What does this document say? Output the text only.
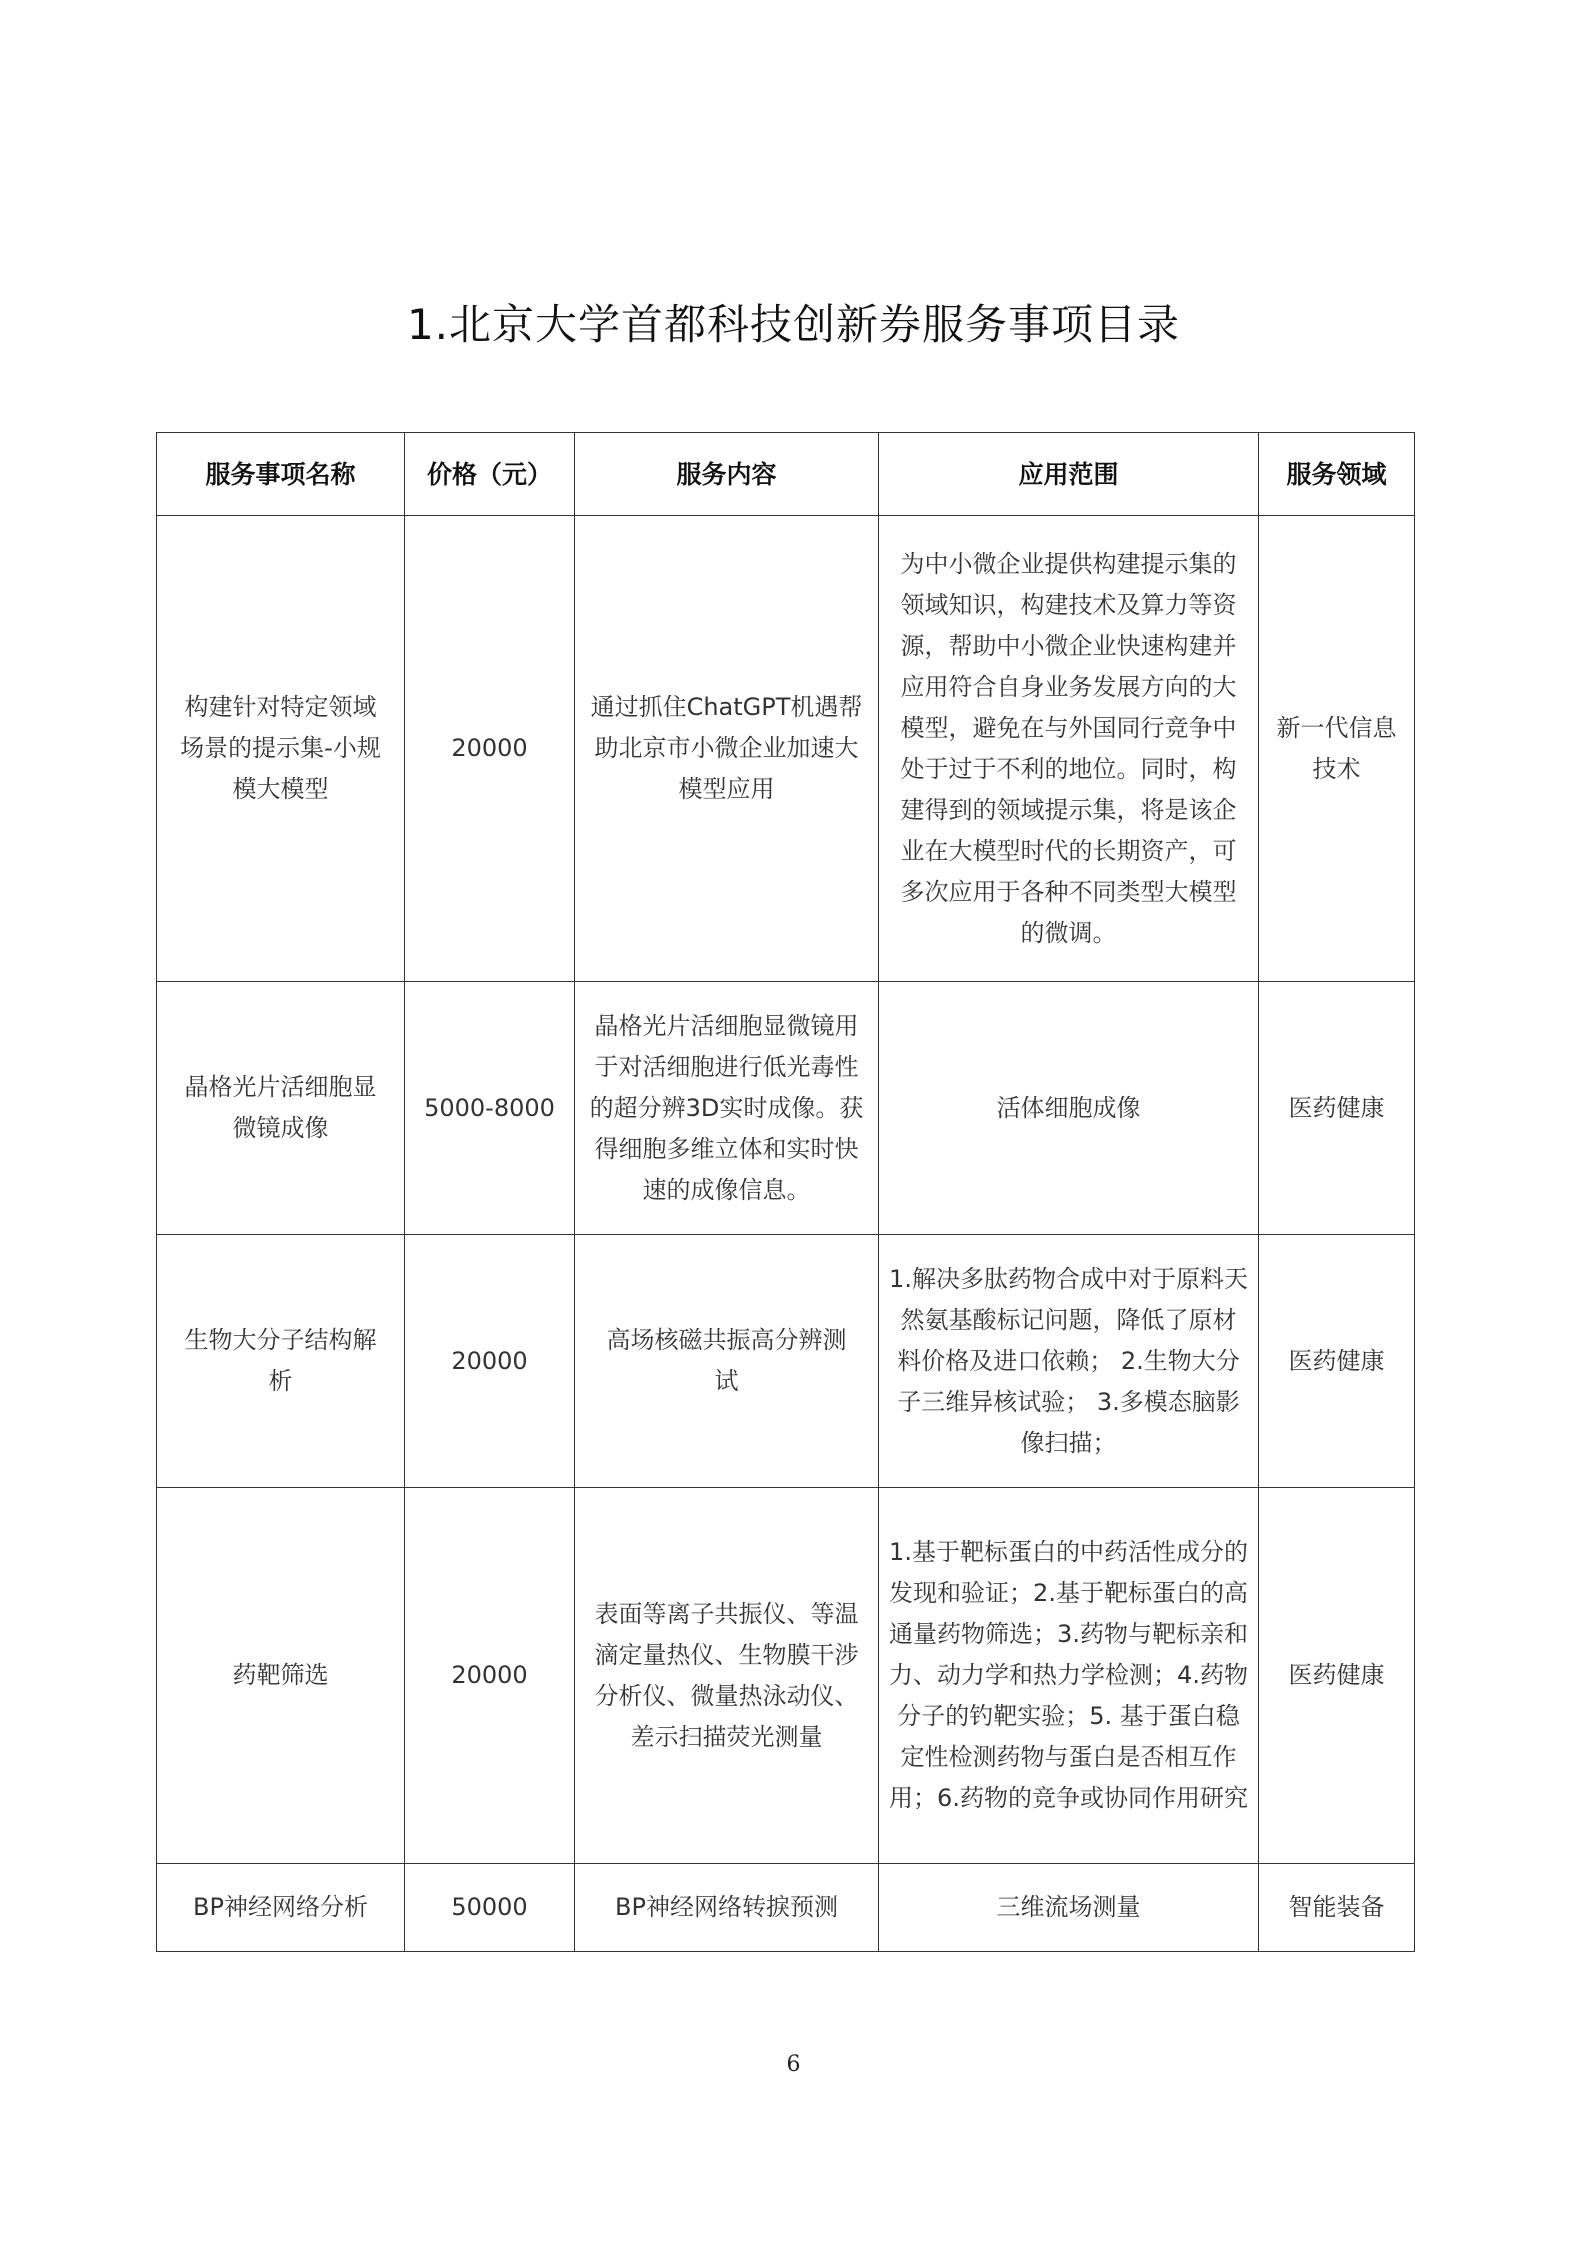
1.北京大学首都科技创新券服务事项目录
服务事项名称	价格（元）	服务内容	应用范围	服务领域
构建针对特定领域场景的提示集-小规模大模型	20000	通过抓住ChatGPT机遇帮助北京市小微企业加速大模型应用	为中小微企业提供构建提示集的领域知识，构建技术及算力等资源，帮助中小微企业快速构建并应用符合自身业务发展方向的大模型，避免在与外国同行竞争中处于过于不利的地位。同时，构建得到的领域提示集，将是该企业在大模型时代的长期资产，可多次应用于各种不同类型大模型的微调。	新一代信息技术
晶格光片活细胞显微镜成像	5000-8000	晶格光片活细胞显微镜用于对活细胞进行低光毒性的超分辨3D实时成像。获得细胞多维立体和实时快速的成像信息。	活体细胞成像	医药健康
生物大分子结构解析	20000	高场核磁共振高分辨测试	1.解决多肽药物合成中对于原料天然氨基酸标记问题，降低了原材料价格及进口依赖； 2.生物大分子三维异核试验； 3.多模态脑影像扫描；	医药健康
药靶筛选	20000	表面等离子共振仪、等温滴定量热仪、生物膜干涉分析仪、微量热泳动仪、差示扫描荧光测量	1.基于靶标蛋白的中药活性成分的发现和验证；2.基于靶标蛋白的高通量药物筛选；3.药物与靶标亲和力、动力学和热力学检测；4.药物分子的钓靶实验；5. 基于蛋白稳定性检测药物与蛋白是否相互作用；6.药物的竞争或协同作用研究	医药健康
BP神经网络分析	50000	BP神经网络转捩预测	三维流场测量	智能装备
6
